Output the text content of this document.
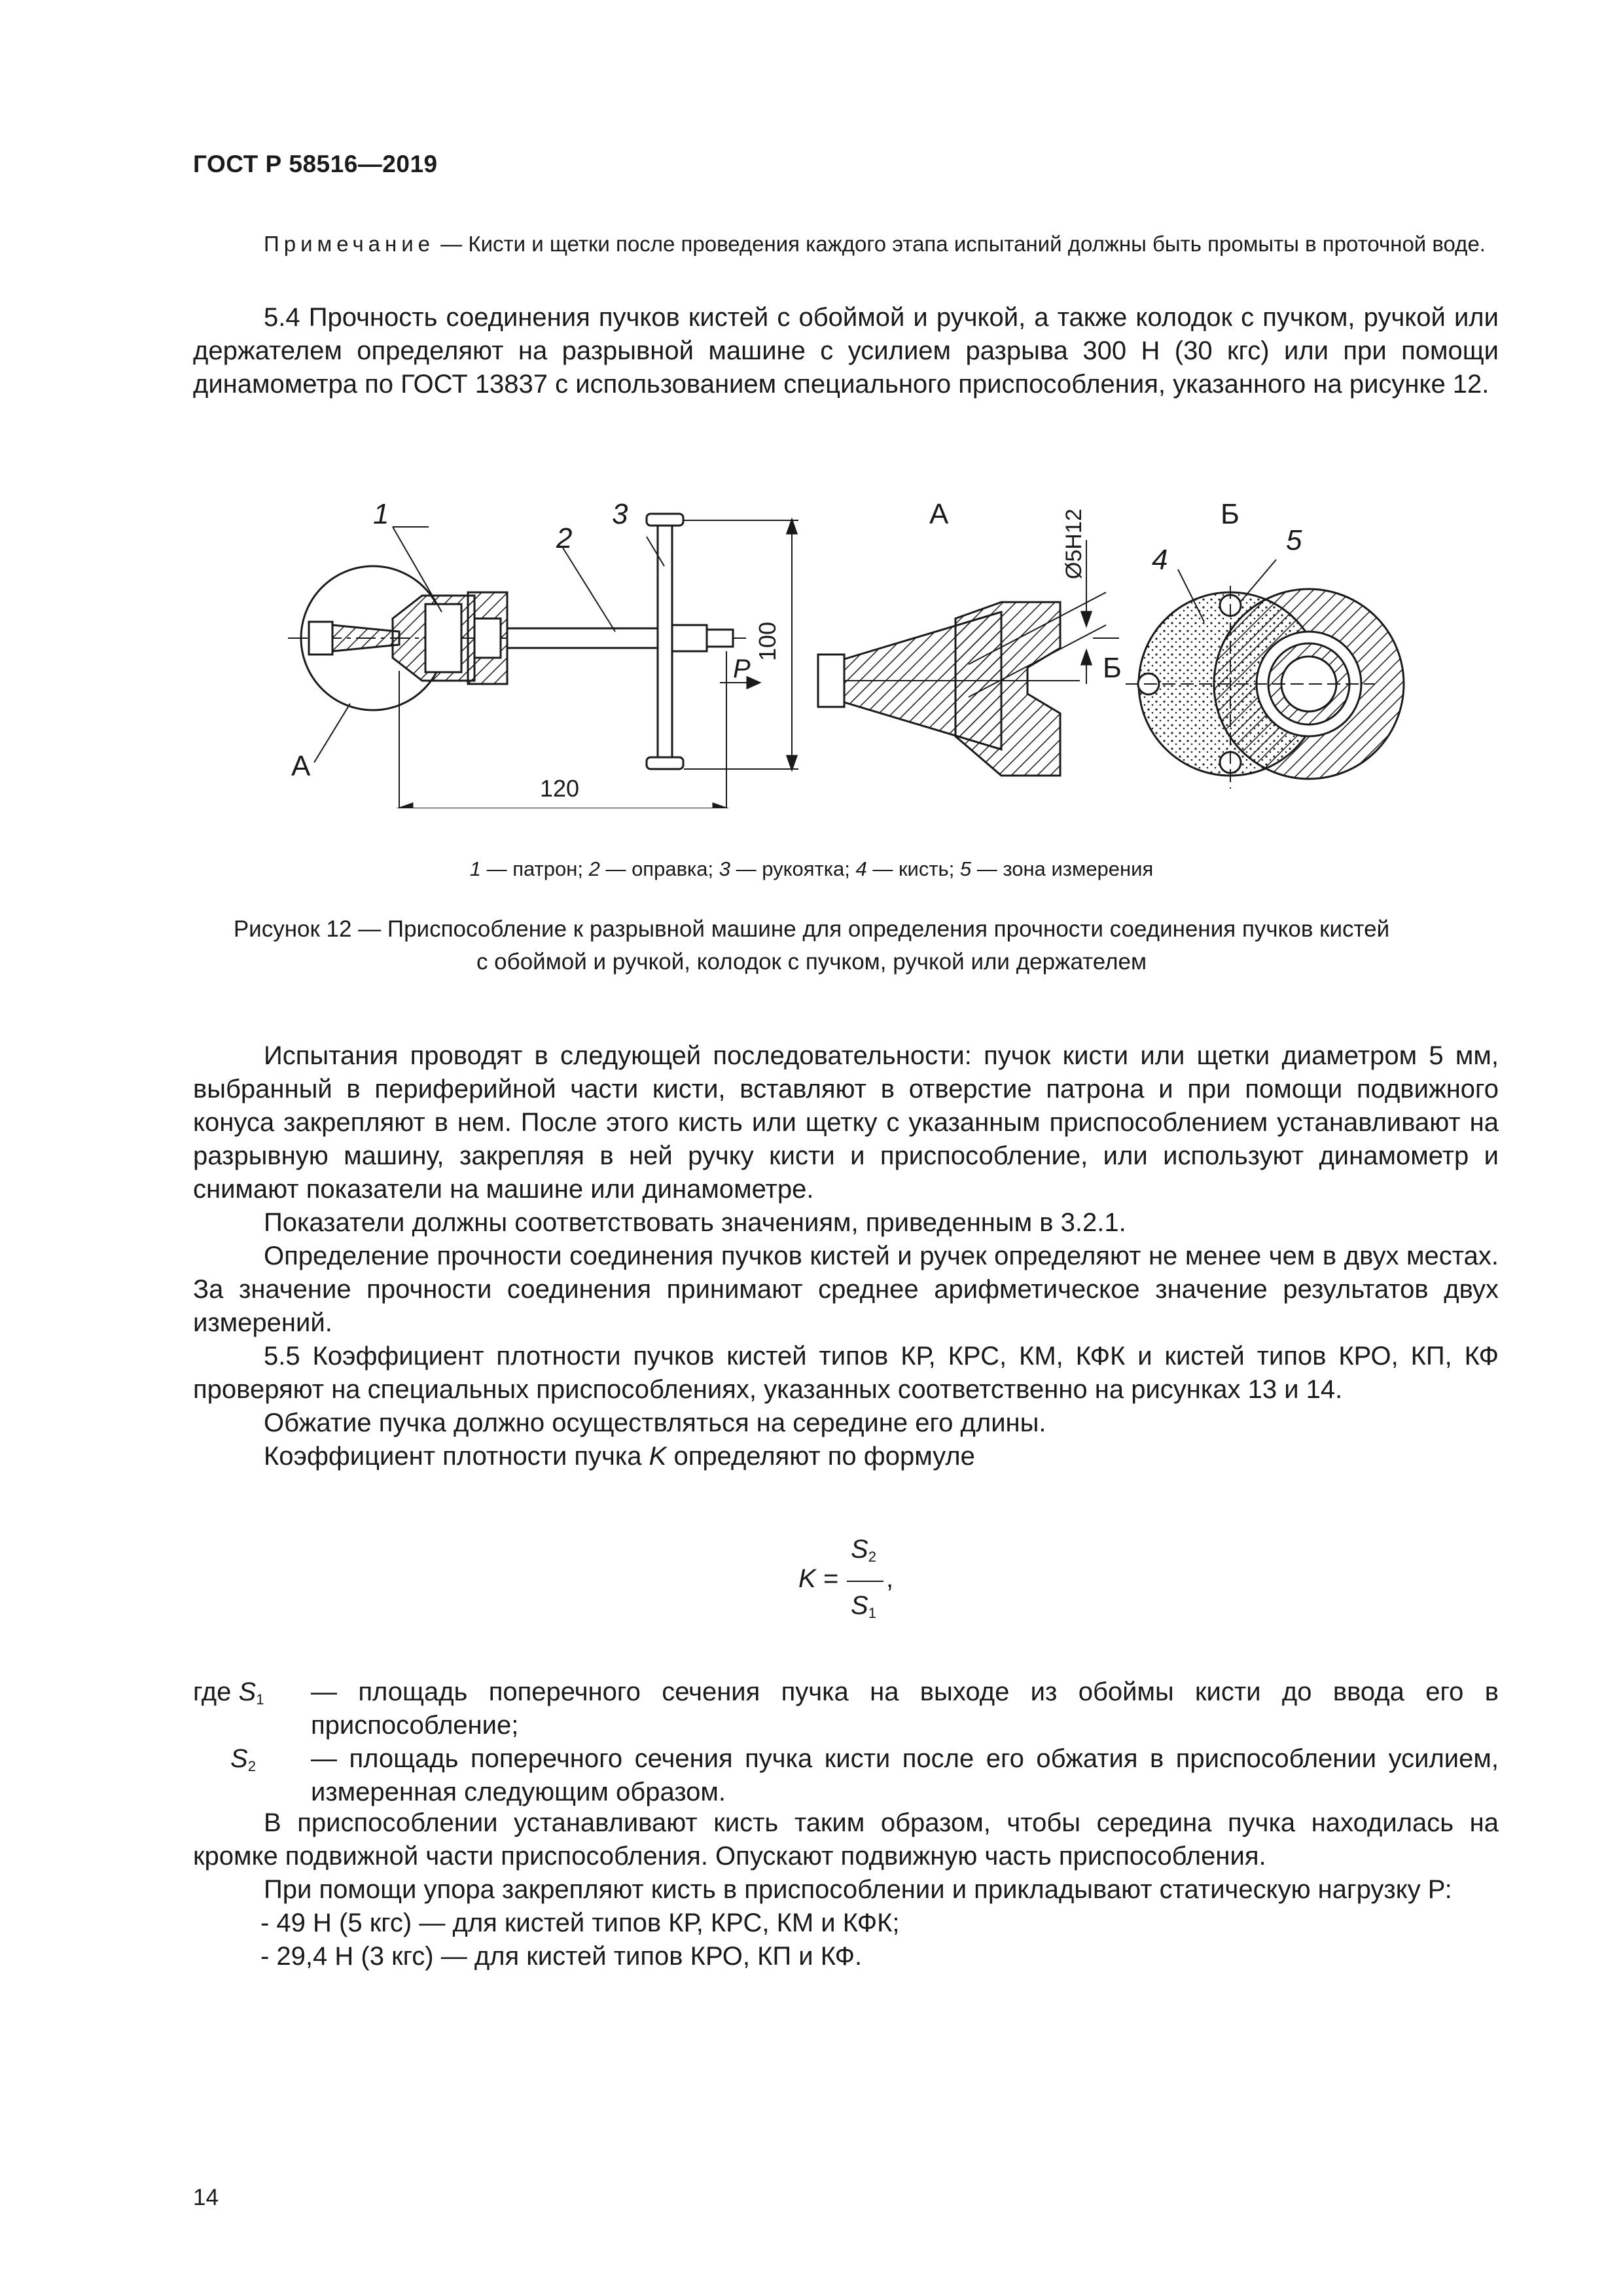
ГОСТ Р 58516—2019
Примечание — Кисти и щетки после проведения каждого этапа испытаний должны быть промыты в проточной воде.

5.4 Прочность соединения пучков кистей с обоймой и ручкой, а также колодок с пучком, ручкой или держателем определяют на разрывной машине с усилием разрыва 300 Н (30 кгс) или при помощи динамометра по ГОСТ 13837 с использованием специального приспособления, указанного на рисунке 12.

1
2
3
А
P
120
100
А	Ø5Н12
Б
Б
4
5
1 — патрон; 2 — оправка; 3 — рукоятка; 4 — кисть; 5 — зона измерения
Рисунок 12 — Приспособление к разрывной машине для определения прочности соединения пучков кистей
с обоймой и ручкой, колодок с пучком, ручкой или держателем

Испытания проводят в следующей последовательности: пучок кисти или щетки диаметром 5 мм, выбранный в периферийной части кисти, вставляют в отверстие патрона и при помощи подвижного конуса закрепляют в нем. После этого кисть или щетку с указанным приспособлением устанавливают на разрывную машину, закрепляя в ней ручку кисти и приспособление, или используют динамометр и снимают показатели на машине или динамометре.

Показатели должны соответствовать значениям, приведенным в 3.2.1.

Определение прочности соединения пучков кистей и ручек определяют не менее чем в двух местах. За значение прочности соединения принимают среднее арифметическое значение результатов двух измерений.

5.5 Коэффициент плотности пучков кистей типов КР, КРС, КМ, КФК и кистей типов КРО, КП, КФ проверяют на специальных приспособлениях, указанных соответственно на рисунках 13 и 14.

Обжатие пучка должно осуществляться на середине его длины.

Коэффициент плотности пучка K определяют по формуле

K =
$S_2$
$S_1$
,

где $S_1$ — площадь поперечного сечения пучка на выходе из обоймы кисти до ввода его в приспособление;

$S_2$ — площадь поперечного сечения пучка кисти после его обжатия в приспособлении усилием, измеренная следующим образом.

В приспособлении устанавливают кисть таким образом, чтобы середина пучка находилась на кромке подвижной части приспособления. Опускают подвижную часть приспособления.

При помощи упора закрепляют кисть в приспособлении и прикладывают статическую нагрузку Р:

- 49 Н (5 кгс) — для кистей типов КР, КРС, КМ и КФК;

- 29,4 Н (3 кгс) — для кистей типов КРО, КП и КФ.

14
